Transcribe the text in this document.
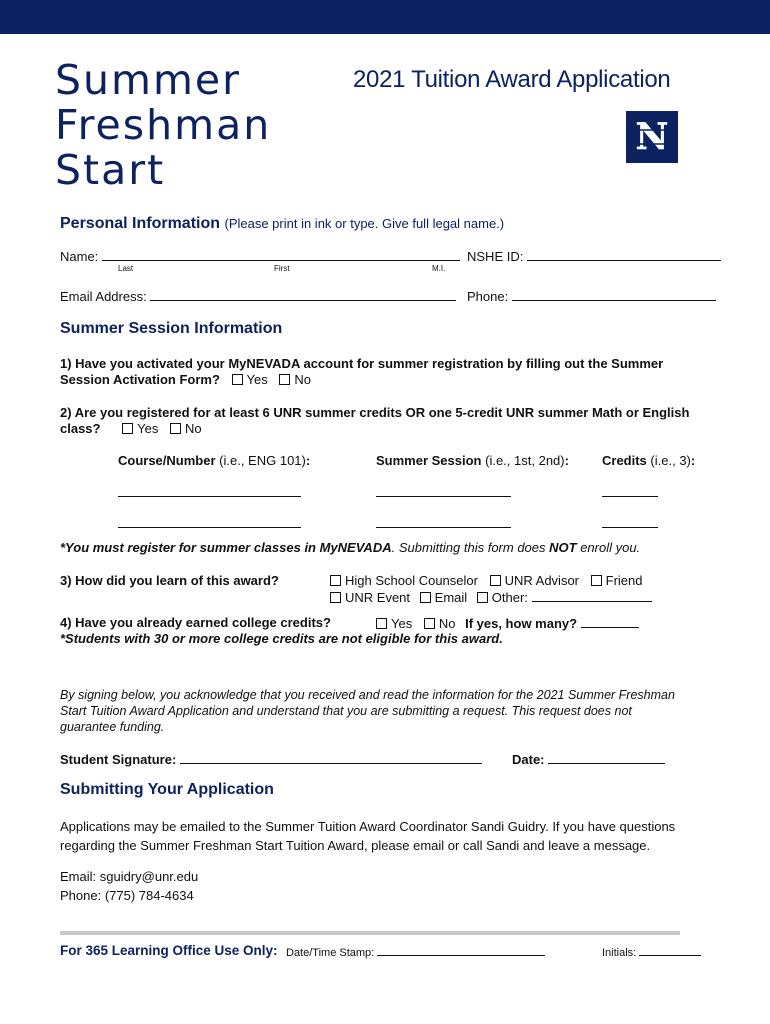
Summer
Freshman
Start
2021 Tuition Award Application
N
Personal Information (Please print in ink or type. Give full legal name.)
Name:
Last	First	M.I.
NSHE ID:
Email Address:	Phone:
Summer Session Information
1) Have you activated your MyNEVADA account for summer registration by filling out the Summer
Session Activation Form? Yes No
2) Are you registered for at least 6 UNR summer credits OR one 5-credit UNR summer Math or English
class?	Yes No
Course/Number (i.e., ENG 101):	Summer Session (i.e., 1st, 2nd):	Credits (i.e., 3):
*You must register for summer classes in MyNEVADA. Submitting this form does NOT enroll you.
3) How did you learn of this award?	High School Counselor UNR Advisor Friend
UNR Event Email Other:
4) Have you already earned college credits?	Yes No If yes, how many?
*Students with 30 or more college credits are not eligible for this award.
By signing below, you acknowledge that you received and read the information for the 2021 Summer Freshman
Start Tuition Award Application and understand that you are submitting a request. This request does not
guarantee funding.
Student Signature:	Date:
Submitting Your Application
Applications may be emailed to the Summer Tuition Award Coordinator Sandi Guidry. If you have questions
regarding the Summer Freshman Start Tuition Award, please email or call Sandi and leave a message.
Email: sguidry@unr.edu
Phone: (775) 784-4634
For 365 Learning Office Use Only: Date/Time Stamp:	Initials:
